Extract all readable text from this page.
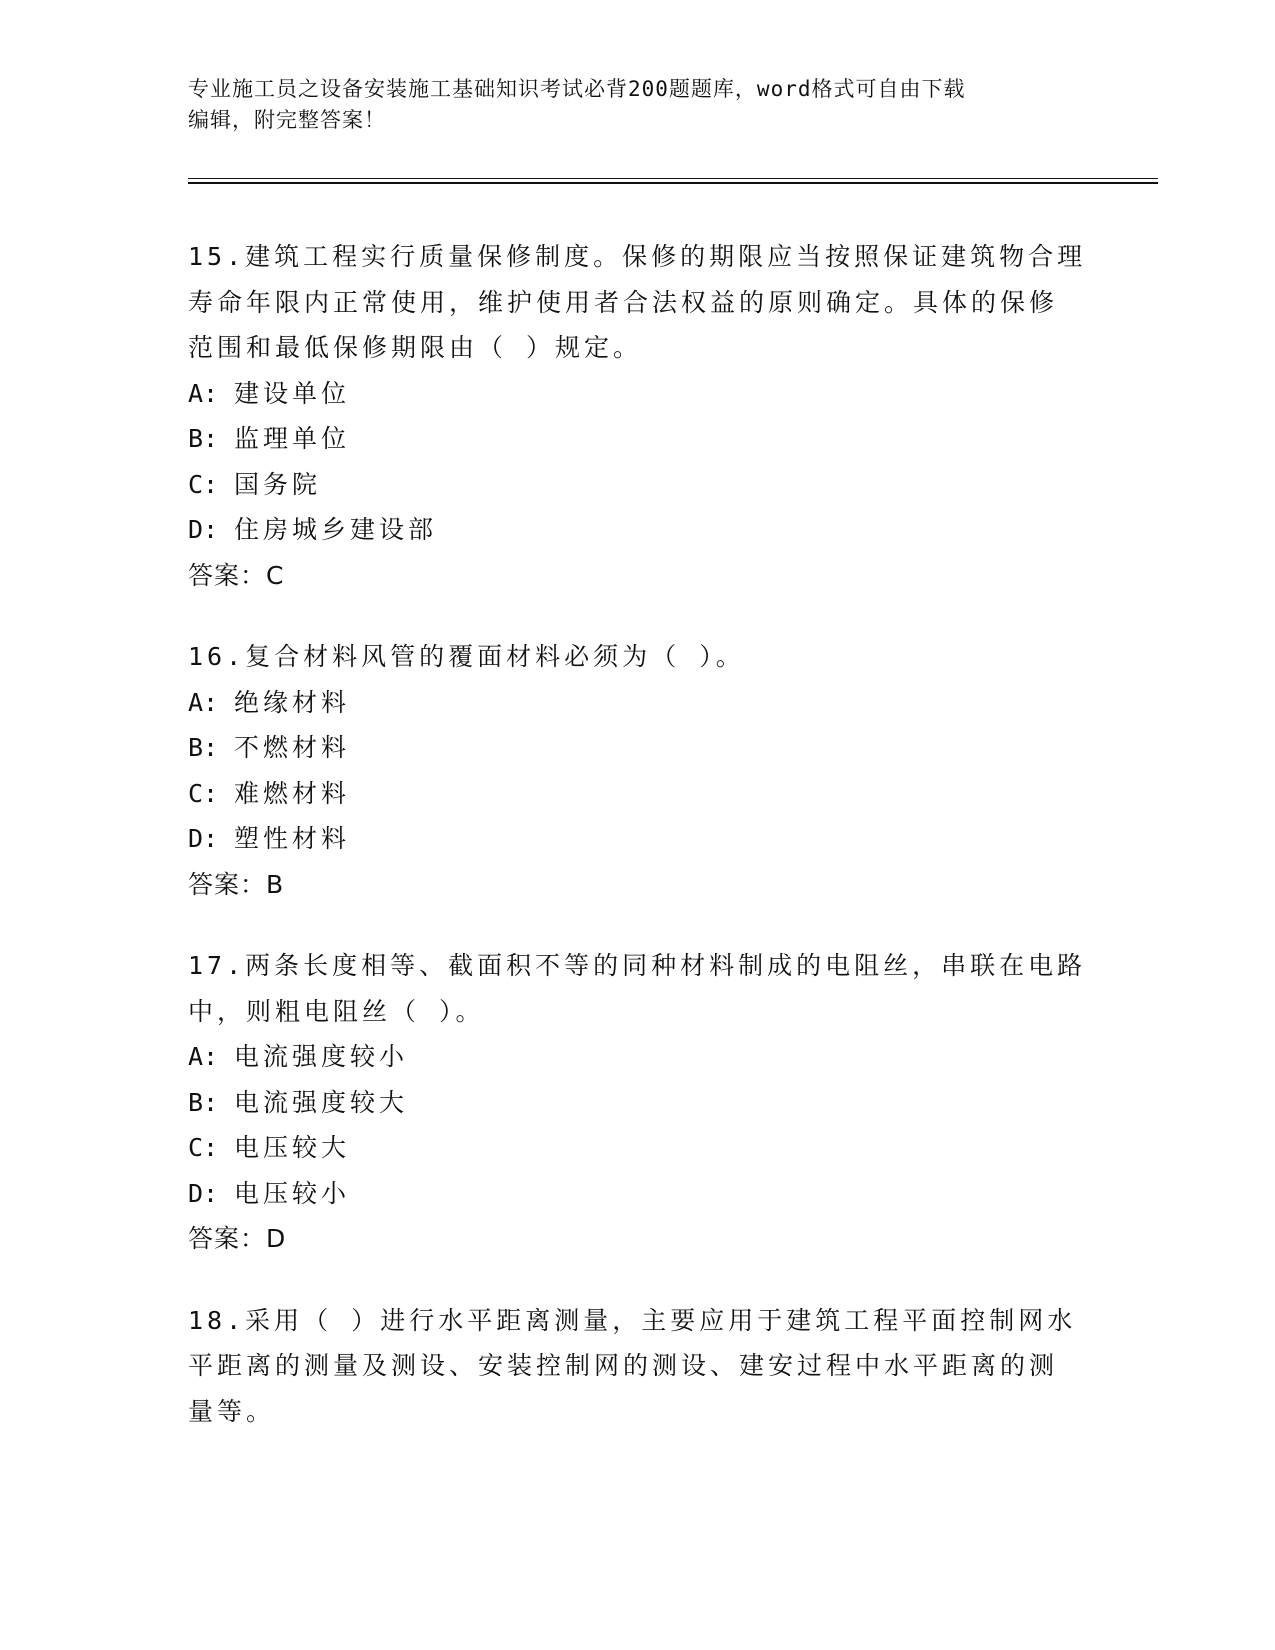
专业施工员之设备安装施工基础知识考试必背200题题库，word格式可自由下载
编辑，附完整答案！

15.建筑工程实行质量保修制度。保修的期限应当按照保证建筑物合理
寿命年限内正常使用，维护使用者合法权益的原则确定。具体的保修
范围和最低保修期限由（ ）规定。

A: 建设单位
B: 监理单位
C: 国务院
D: 住房城乡建设部
答案：C

16.复合材料风管的覆面材料必须为（ ）。

A: 绝缘材料
B: 不燃材料
C: 难燃材料
D: 塑性材料
答案：B

17.两条长度相等、截面积不等的同种材料制成的电阻丝，串联在电路
中，则粗电阻丝（ ）。

A: 电流强度较小
B: 电流强度较大
C: 电压较大
D: 电压较小
答案：D

18.采用（ ）进行水平距离测量，主要应用于建筑工程平面控制网水
平距离的测量及测设、安装控制网的测设、建安过程中水平距离的测
量等。
